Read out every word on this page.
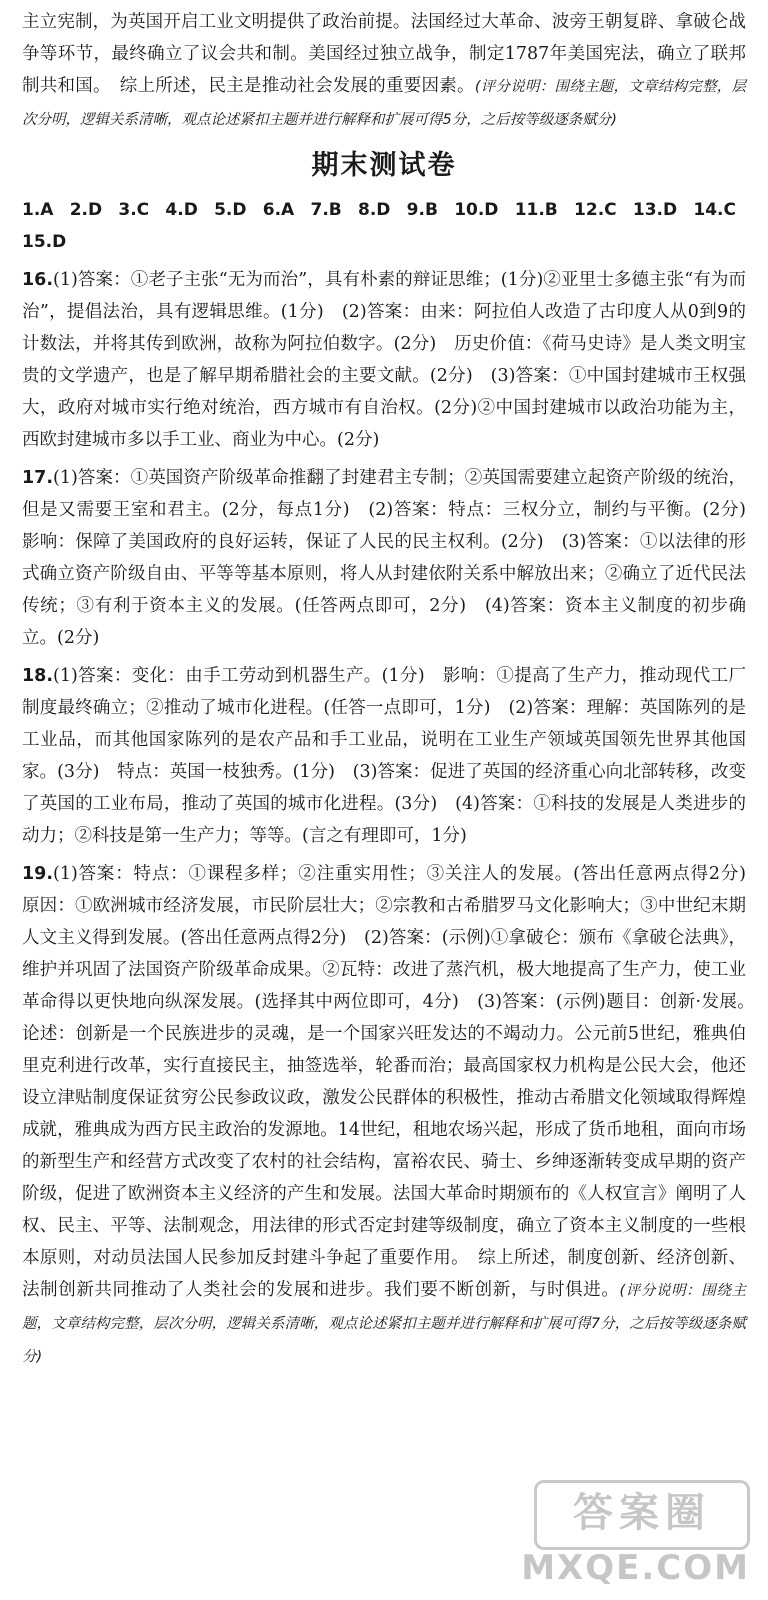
主立宪制，为英国开启工业文明提供了政治前提。法国经过大革命、波旁王朝复辟、拿破仑战争等环节，最终确立了议会共和制。美国经过独立战争，制定1787年美国宪法，确立了联邦制共和国。　综上所述，民主是推动社会发展的重要因素。(评分说明：围绕主题，文章结构完整，层次分明，逻辑关系清晰，观点论述紧扣主题并进行解释和扩展可得5分，之后按等级逐条赋分)

期末测试卷

1.A 2.D 3.C 4.D 5.D 6.A 7.B 8.D 9.B 10.D 11.B 12.C 13.D 14.C 15.D

16.(1)答案：①老子主张“无为而治”，具有朴素的辩证思维；(1分)②亚里士多德主张“有为而治”，提倡法治，具有逻辑思维。(1分)　(2)答案：由来：阿拉伯人改造了古印度人从0到9的计数法，并将其传到欧洲，故称为阿拉伯数字。(2分)　历史价值：《荷马史诗》是人类文明宝贵的文学遗产，也是了解早期希腊社会的主要文献。(2分)　(3)答案：①中国封建城市王权强大，政府对城市实行绝对统治，西方城市有自治权。(2分)②中国封建城市以政治功能为主，西欧封建城市多以手工业、商业为中心。(2分)

17.(1)答案：①英国资产阶级革命推翻了封建君主专制；②英国需要建立起资产阶级的统治，但是又需要王室和君主。(2分，每点1分)　(2)答案：特点：三权分立，制约与平衡。(2分)　影响：保障了美国政府的良好运转，保证了人民的民主权利。(2分)　(3)答案：①以法律的形式确立资产阶级自由、平等等基本原则，将人从封建依附关系中解放出来；②确立了近代民法传统；③有利于资本主义的发展。(任答两点即可，2分)　(4)答案：资本主义制度的初步确立。(2分)

18.(1)答案：变化：由手工劳动到机器生产。(1分)　影响：①提高了生产力，推动现代工厂制度最终确立；②推动了城市化进程。(任答一点即可，1分)　(2)答案：理解：英国陈列的是工业品，而其他国家陈列的是农产品和手工业品，说明在工业生产领域英国领先世界其他国家。(3分)　特点：英国一枝独秀。(1分)　(3)答案：促进了英国的经济重心向北部转移，改变了英国的工业布局，推动了英国的城市化进程。(3分)　(4)答案：①科技的发展是人类进步的动力；②科技是第一生产力；等等。(言之有理即可，1分)

19.(1)答案：特点：①课程多样；②注重实用性；③关注人的发展。(答出任意两点得2分)　原因：①欧洲城市经济发展，市民阶层壮大；②宗教和古希腊罗马文化影响大；③中世纪末期人文主义得到发展。(答出任意两点得2分)　(2)答案：(示例)①拿破仑：颁布《拿破仑法典》，维护并巩固了法国资产阶级革命成果。②瓦特：改进了蒸汽机，极大地提高了生产力，使工业革命得以更快地向纵深发展。(选择其中两位即可，4分)　(3)答案：(示例)题目：创新·发展。　论述：创新是一个民族进步的灵魂，是一个国家兴旺发达的不竭动力。公元前5世纪，雅典伯里克利进行改革，实行直接民主，抽签选举，轮番而治；最高国家权力机构是公民大会，他还设立津贴制度保证贫穷公民参政议政，激发公民群体的积极性，推动古希腊文化领域取得辉煌成就，雅典成为西方民主政治的发源地。14世纪，租地农场兴起，形成了货币地租，面向市场的新型生产和经营方式改变了农村的社会结构，富裕农民、骑士、乡绅逐渐转变成早期的资产阶级，促进了欧洲资本主义经济的产生和发展。法国大革命时期颁布的《人权宣言》阐明了人权、民主、平等、法制观念，用法律的形式否定封建等级制度，确立了资本主义制度的一些根本原则，对动员法国人民参加反封建斗争起了重要作用。　综上所述，制度创新、经济创新、法制创新共同推动了人类社会的发展和进步。我们要不断创新，与时俱进。(评分说明：围绕主题，文章结构完整，层次分明，逻辑关系清晰，观点论述紧扣主题并进行解释和扩展可得7分，之后按等级逐条赋分)

答案圈
MXQE.COM
